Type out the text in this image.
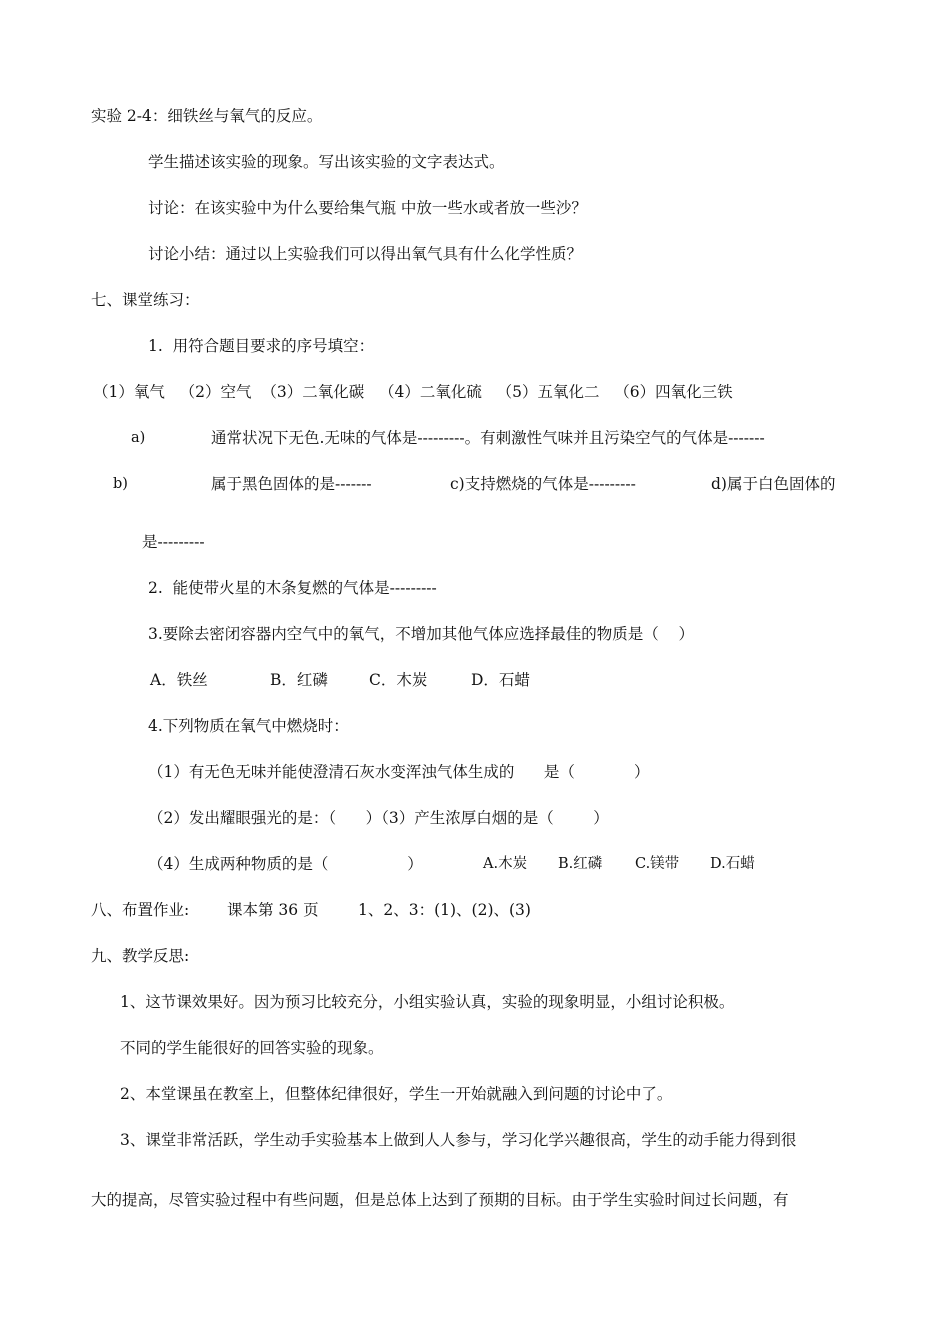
实验 2-4：细铁丝与氧气的反应。
学生描述该实验的现象。写出该实验的文字表达式。
讨论：在该实验中为什么要给集气瓶 中放一些水或者放一些沙？
讨论小结：通过以上实验我们可以得出氧气具有什么化学性质？
七、课堂练习：
1.  用符合题目要求的序号填空：
（1）氧气   （2）空气  （3）二氧化碳   （4）二氧化硫   （5）五氧化二   （6）四氧化三铁
a)	通常状况下无色.无味的气体是---------。有刺激性气味并且污染空气的气体是-------
b)	属于黑色固体的是-------	c)支持燃烧的气体是---------	d)属于白色固体的
是---------
2.  能使带火星的木条复燃的气体是---------
3.要除去密闭容器内空气中的氧气，不增加其他气体应选择最佳的物质是（    ）
A．铁丝	B．红磷	C．木炭	D．石蜡
4.下列物质在氧气中燃烧时：
（1）有无色无味并能使澄清石灰水变浑浊气体生成的      是（            ）
（2）发出耀眼强光的是：（      ）（3）产生浓厚白烟的是（        ）
（4）生成两种物质的是（                ）	A.木炭 B.红磷 C.镁带 D.石蜡
八、布置作业: 课本第 36 页	1、2、3：(1)、(2)、(3)
九、教学反思:
1、这节课效果好。因为预习比较充分，小组实验认真，实验的现象明显，小组讨论积极。
不同的学生能很好的回答实验的现象。
2、本堂课虽在教室上，但整体纪律很好，学生一开始就融入到问题的讨论中了。
3、课堂非常活跃，学生动手实验基本上做到人人参与，学习化学兴趣很高，学生的动手能力得到很
大的提高，尽管实验过程中有些问题，但是总体上达到了预期的目标。由于学生实验时间过长问题，有
